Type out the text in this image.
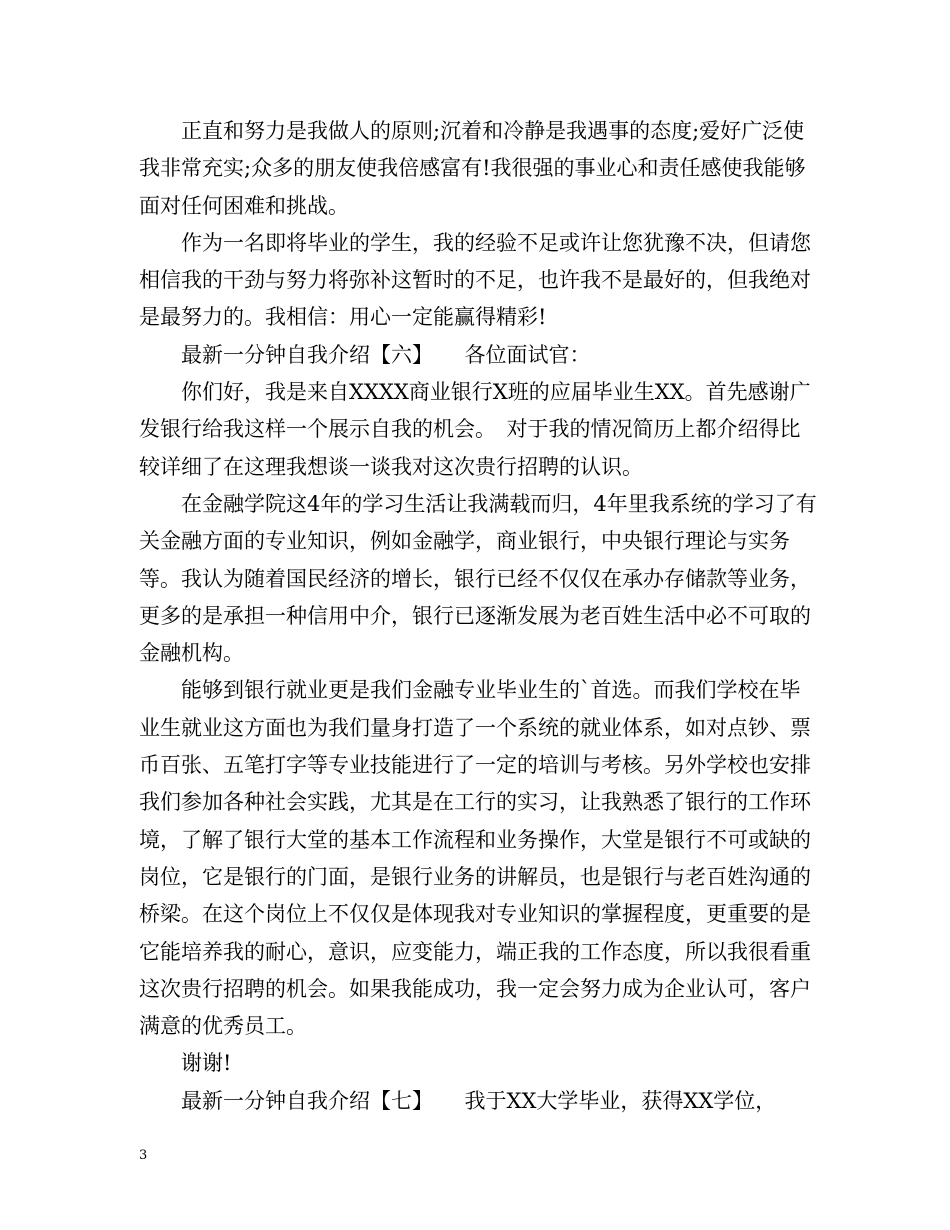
正直和努力是我做人的原则;沉着和冷静是我遇事的态度;爱好广泛使我非常充实;众多的朋友使我倍感富有!我很强的事业心和责任感使我能够面对任何困难和挑战。

作为一名即将毕业的学生，我的经验不足或许让您犹豫不决，但请您相信我的干劲与努力将弥补这暂时的不足，也许我不是最好的，但我绝对是最努力的。我相信：用心一定能赢得精彩!

最新一分钟自我介绍【六】　　各位面试官：

你们好，我是来自XXXX商业银行X班的应届毕业生XX。首先感谢广发银行给我这样一个展示自我的机会。　对于我的情况简历上都介绍得比较详细了在这理我想谈一谈我对这次贵行招聘的认识。

在金融学院这4年的学习生活让我满载而归，4年里我系统的学习了有关金融方面的专业知识，例如金融学，商业银行，中央银行理论与实务等。我认为随着国民经济的增长，银行已经不仅仅在承办存储款等业务，更多的是承担一种信用中介，银行已逐渐发展为老百姓生活中必不可取的金融机构。

能够到银行就业更是我们金融专业毕业生的`首选。而我们学校在毕业生就业这方面也为我们量身打造了一个系统的就业体系，如对点钞、票币百张、五笔打字等专业技能进行了一定的培训与考核。另外学校也安排我们参加各种社会实践，尤其是在工行的实习，让我熟悉了银行的工作环境，了解了银行大堂的基本工作流程和业务操作，大堂是银行不可或缺的岗位，它是银行的门面，是银行业务的讲解员，也是银行与老百姓沟通的桥梁。在这个岗位上不仅仅是体现我对专业知识的掌握程度，更重要的是它能培养我的耐心，意识，应变能力，端正我的工作态度，所以我很看重这次贵行招聘的机会。如果我能成功，我一定会努力成为企业认可，客户满意的优秀员工。

谢谢!

最新一分钟自我介绍【七】　　我于XX大学毕业，获得XX学位，

3
